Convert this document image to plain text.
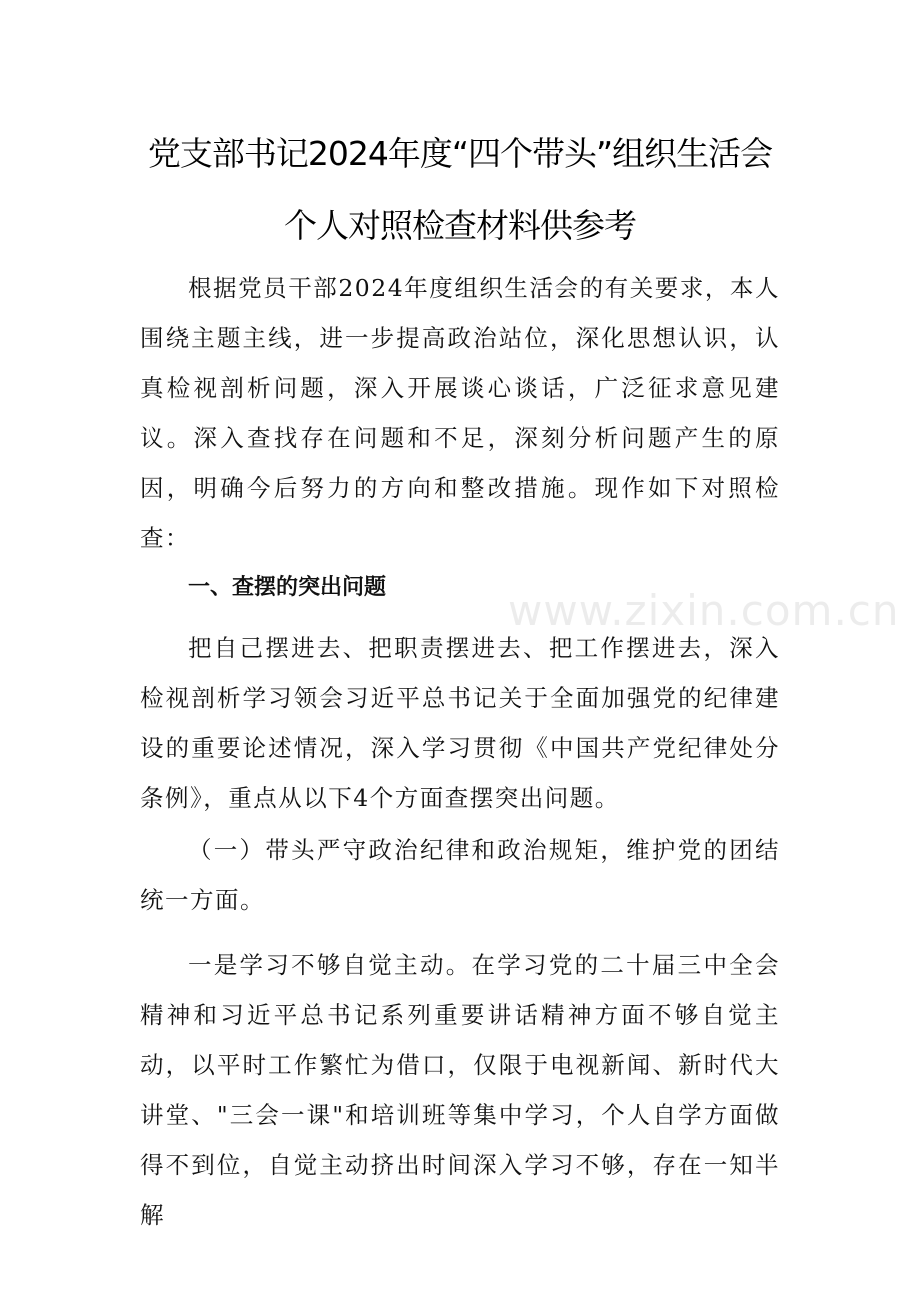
党支部书记2024年度“四个带头”组织生活会
个人对照检查材料供参考
根据党员干部2024年度组织生活会的有关要求，本人围绕主题主线，进一步提高政治站位，深化思想认识，认真检视剖析问题，深入开展谈心谈话，广泛征求意见建议。深入查找存在问题和不足，深刻分析问题产生的原因，明确今后努力的方向和整改措施。现作如下对照检查：
一、查摆的突出问题	www.zixin.com.cn
把自己摆进去、把职责摆进去、把工作摆进去，深入检视剖析学习领会习近平总书记关于全面加强党的纪律建设的重要论述情况，深入学习贯彻《中国共产党纪律处分条例》，重点从以下4个方面查摆突出问题。
（一）带头严守政治纪律和政治规矩，维护党的团结统一方面。
一是学习不够自觉主动。在学习党的二十届三中全会精神和习近平总书记系列重要讲话精神方面不够自觉主动，以平时工作繁忙为借口，仅限于电视新闻、新时代大讲堂、"三会一课"和培训班等集中学习，个人自学方面做得不到位，自觉主动挤出时间深入学习不够，存在一知半解
